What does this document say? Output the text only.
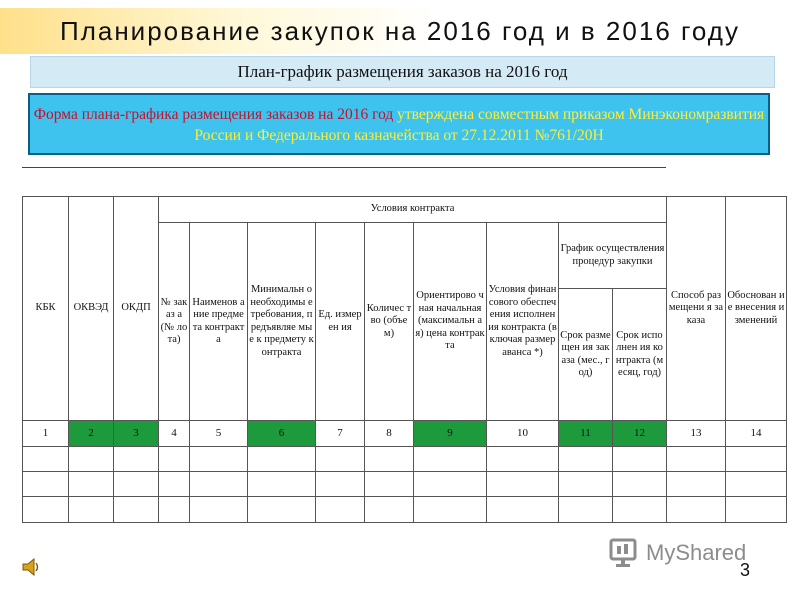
Планирование закупок на 2016 год и в 2016 году
План-график размещения заказов на 2016 год
Форма плана-графика размещения заказов на 2016 год утверждена совместным приказом Минэкономразвития России и Федерального казначейства от 27.12.2011 №761/20Н
КБК	ОКВЭД	ОКДП	Условия контракта									Способ размещени я заказа	Обоснован ие внесения изменений
			№ заказ а (№ лота)	Наименов ание предмета контракта	Минимальн о необходимы е требования, предъявляе мые к предмету контракта	Ед. измерен ия	Количес тво (объем)	Ориентирово чная начальная (максимальн ая) цена контракта	Условия финансового обеспечения исполнения контракта (включая размер аванса *)	График осуществления процедур закупки			
										Срок размещен ия заказа (мес., год)	Срок исполнен ия контракта (месяц, год)		
1	2	3	4	5	6	7	8	9	10	11	12	13	14

MyShared
3
